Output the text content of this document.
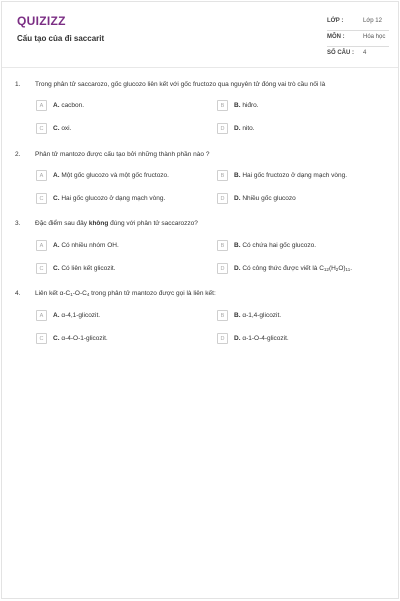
QUIZIZZ
Cấu tạo của đi saccarit
LỚP :	Lớp 12
MÔN :	Hóa học
SỐ CÂU : 4
1. Trong phân tử saccarozo, gốc glucozo liên kết với gốc fructozo qua nguyên tử đóng vai trò cầu nối là
A	A. cacbon.	B	B. hiđro.
C	C. oxi.	D	D. nito.
2. Phân tử mantozo được cấu tạo bởi những thành phần nào ?
A	A. Một gốc glucozo và một gốc fructozo.	B	B. Hai gốc fructozo ở dạng mạch vòng.
C	C. Hai gốc glucozo ở dạng mạch vòng.	D	D. Nhiều gốc glucozo
3. Đặc điểm sau đây không đúng với phân tử saccarozzo?
A	A. Có nhiều nhóm OH.	B	B. Có chứa hai gốc glucozo.
C	C. Có liên kết glicozit.	D	D. Có công thức được viết là $C_{12}(H_2O)_{11}$.
4. Liên kết $\alpha-C_1-O-C_4$ trong phân tử mantozo được gọi là liên kết:
A	A. α-4,1-glicozit.	B	B. α-1,4-glicozit.
C	C. α-4-O-1-glicozit.	D	D. α-1-O-4-glicozit.
